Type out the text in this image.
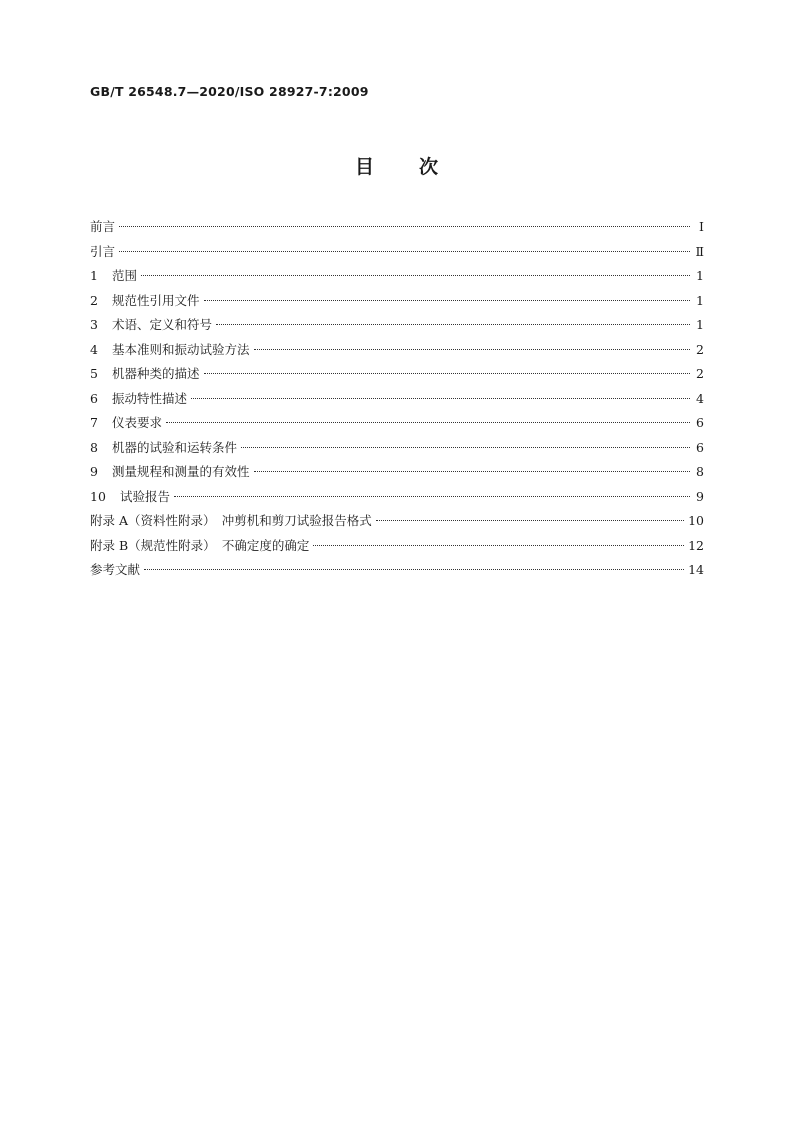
GB/T 26548.7—2020/ISO 28927-7:2009
目 次
前言	Ⅰ
引言	Ⅱ
1	范围	1
2	规范性引用文件	1
3	术语、定义和符号	1
4	基本准则和振动试验方法	2
5	机器种类的描述	2
6	振动特性描述	4
7	仪表要求	6
8	机器的试验和运转条件	6
9	测量规程和测量的有效性	8
10	试验报告	9
附录 A（资料性附录）　冲剪机和剪刀试验报告格式	10
附录 B（规范性附录）　不确定度的确定	12
参考文献	14
